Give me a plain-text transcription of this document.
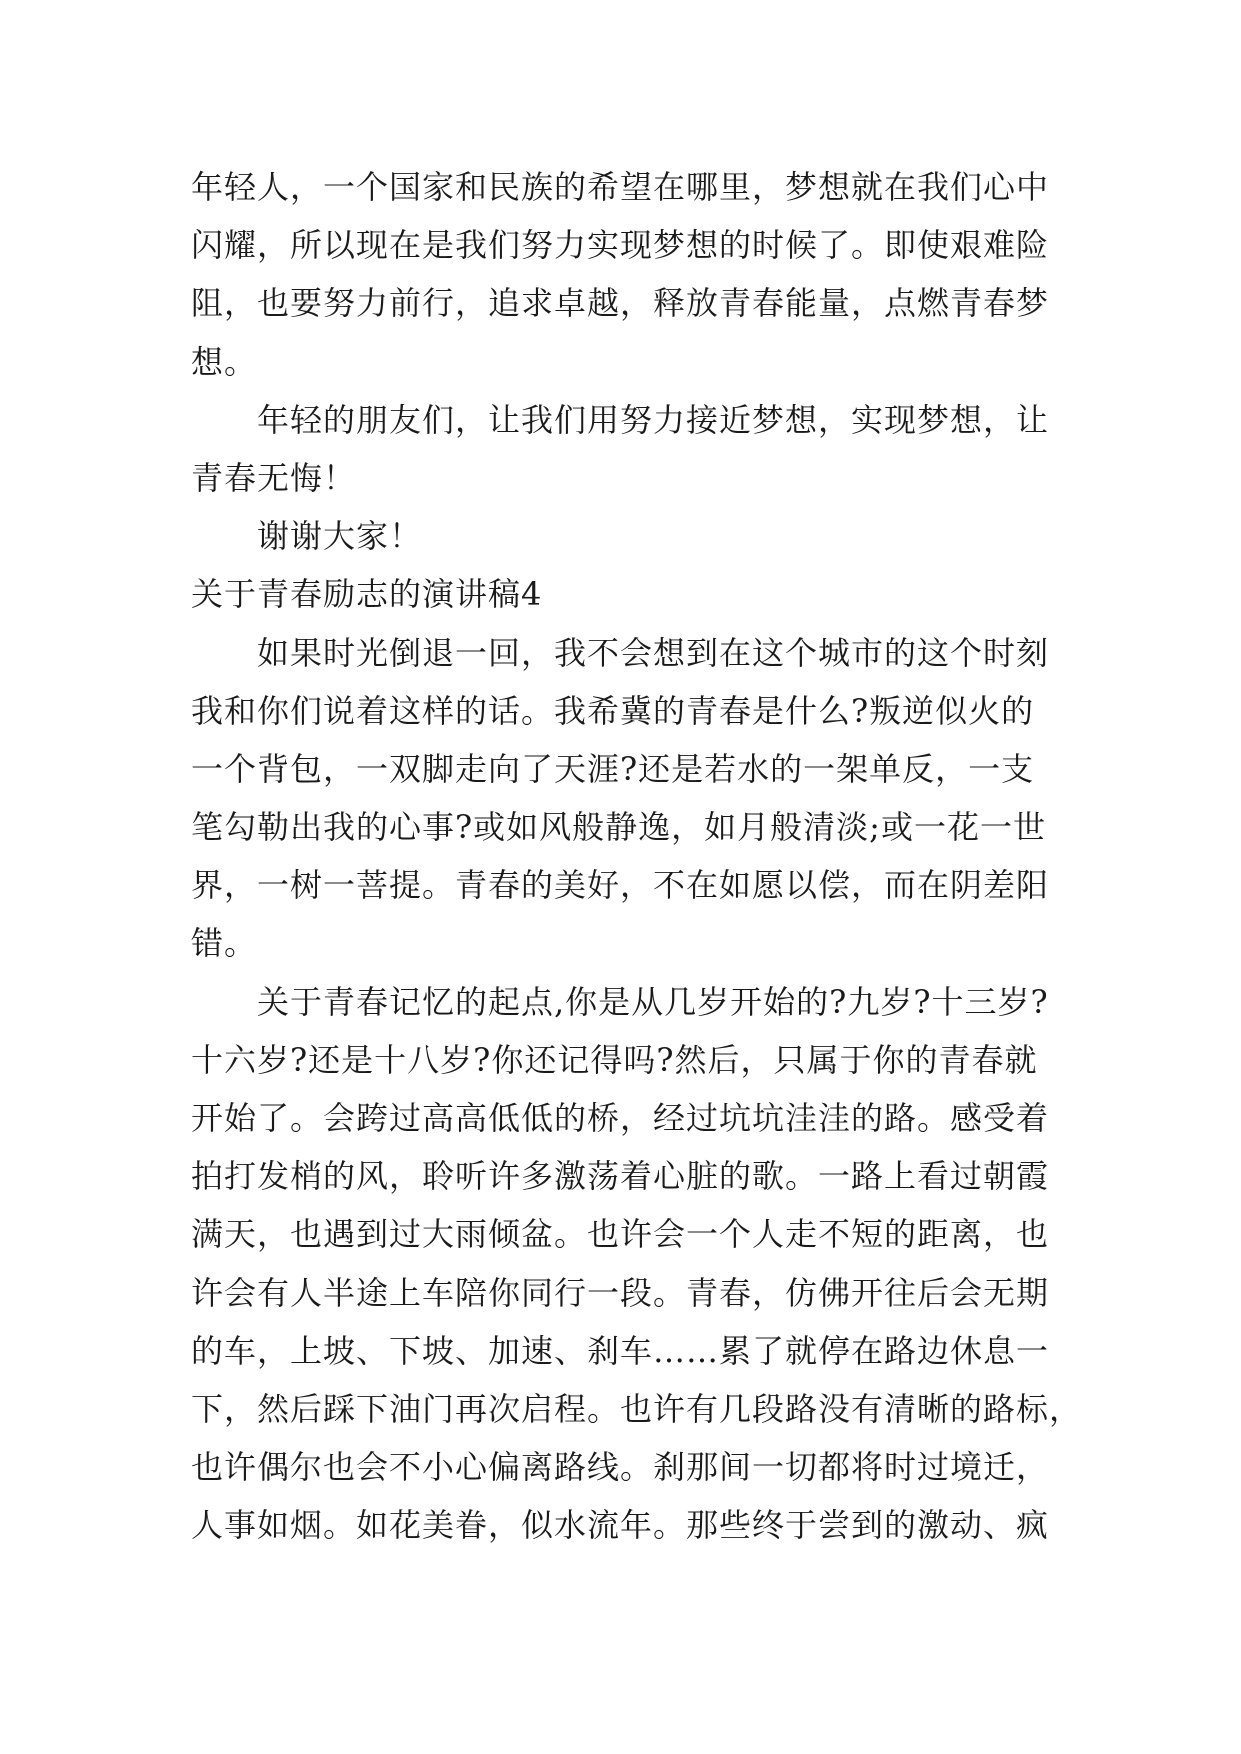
年轻人，一个国家和民族的希望在哪里，梦想就在我们心中
闪耀，所以现在是我们努力实现梦想的时候了。即使艰难险
阻，也要努力前行，追求卓越，释放青春能量，点燃青春梦
想。
年轻的朋友们，让我们用努力接近梦想，实现梦想，让
青春无悔！
谢谢大家！
关于青春励志的演讲稿4
如果时光倒退一回，我不会想到在这个城市的这个时刻
我和你们说着这样的话。我希冀的青春是什么?叛逆似火的
一个背包，一双脚走向了天涯?还是若水的一架单反，一支
笔勾勒出我的心事?或如风般静逸，如月般清淡;或一花一世
界，一树一菩提。青春的美好，不在如愿以偿，而在阴差阳
错。
关于青春记忆的起点,你是从几岁开始的?九岁?十三岁?
十六岁?还是十八岁?你还记得吗?然后，只属于你的青春就
开始了。会跨过高高低低的桥，经过坑坑洼洼的路。感受着
拍打发梢的风，聆听许多激荡着心脏的歌。一路上看过朝霞
满天，也遇到过大雨倾盆。也许会一个人走不短的距离，也
许会有人半途上车陪你同行一段。青春，仿佛开往后会无期
的车，上坡、下坡、加速、刹车……累了就停在路边休息一
下，然后踩下油门再次启程。也许有几段路没有清晰的路标，
也许偶尔也会不小心偏离路线。刹那间一切都将时过境迁，
人事如烟。如花美眷，似水流年。那些终于尝到的激动、疯
